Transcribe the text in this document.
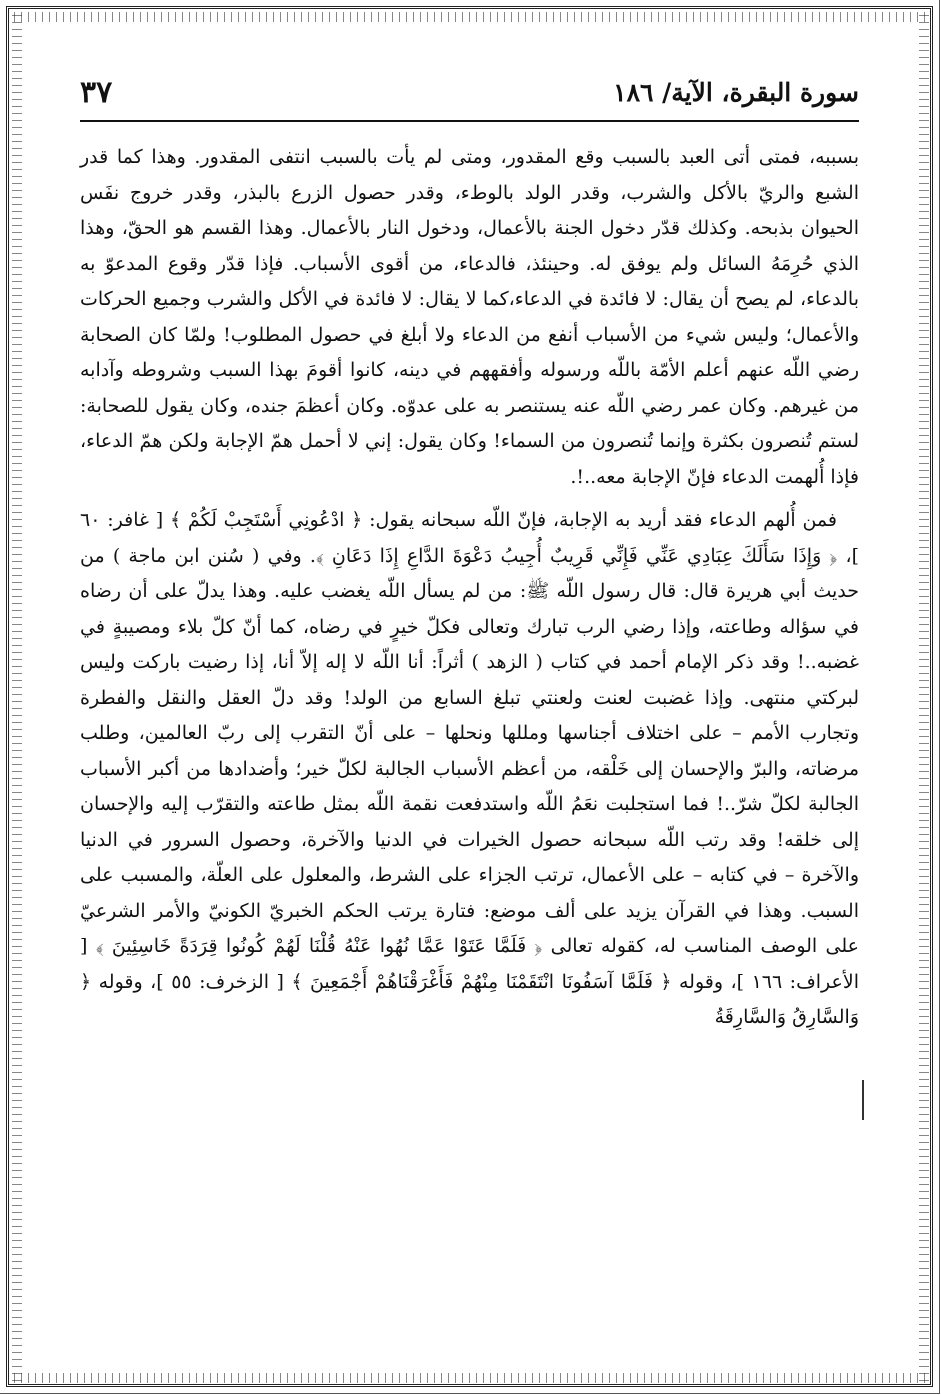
سورة البقرة، الآية/ ١٨٦
٣٧

بسببه، فمتى أتى العبد بالسبب وقع المقدور، ومتى لم يأت بالسبب انتفى المقدور. وهذا كما قدر الشبع والريّ بالأكل والشرب، وقدر الولد بالوطء، وقدر حصول الزرع بالبذر، وقدر خروج نفَس الحيوان بذبحه. وكذلك قدّر دخول الجنة بالأعمال، ودخول النار بالأعمال. وهذا القسم هو الحقّ، وهذا الذي حُرِمَهُ السائل ولم يوفق له. وحينئذ، فالدعاء، من أقوى الأسباب. فإذا قدّر وقوع المدعوّ به بالدعاء، لم يصح أن يقال: لا فائدة في الدعاء،كما لا يقال: لا فائدة في الأكل والشرب وجميع الحركات والأعمال؛ وليس شيء من الأسباب أنفع من الدعاء ولا أبلغ في حصول المطلوب! ولمّا كان الصحابة رضي اللّه عنهم أعلم الأمّة باللّه ورسوله وأفقههم في دينه، كانوا أقومَ بهذا السبب وشروطه وآدابه من غيرهم. وكان عمر رضي اللّه عنه يستنصر به على عدوّه. وكان أعظمَ جنده، وكان يقول للصحابة: لستم تُنصرون بكثرة وإنما تُنصرون من السماء! وكان يقول: إني لا أحمل همّ الإجابة ولكن همّ الدعاء، فإذا أُلهمت الدعاء فإنّ الإجابة معه..!.

فمن أُلهم الدعاء فقد أريد به الإجابة، فإنّ اللّه سبحانه يقول: ﴿ ادْعُونِي أَسْتَجِبْ لَكُمْ ﴾ [ غافر: ٦٠ ]، ﴿ وَإِذَا سَأَلَكَ عِبَادِي عَنِّي فَإِنِّي قَرِيبٌ أُجِيبُ دَعْوَةَ الدَّاعِ إِذَا دَعَانِ ﴾. وفي ( سُنن ابن ماجة ) من حديث أبي هريرة قال: قال رسول اللّه ﷺ: من لم يسأل اللّه يغضب عليه. وهذا يدلّ على أن رضاه في سؤاله وطاعته، وإذا رضي الرب تبارك وتعالى فكلّ خيرٍ في رضاه، كما أنّ كلّ بلاء ومصيبةٍ في غضبه..! وقد ذكر الإمام أحمد في كتاب ( الزهد ) أثراً: أنا اللّه لا إله إلاّ أنا، إذا رضيت باركت وليس لبركتي منتهى. وإذا غضبت لعنت ولعنتي تبلغ السابع من الولد! وقد دلّ العقل والنقل والفطرة وتجارب الأمم – على اختلاف أجناسها ومللها ونحلها – على أنّ التقرب إلى ربّ العالمين، وطلب مرضاته، والبرّ والإحسان إلى خَلْقه، من أعظم الأسباب الجالبة لكلّ خير؛ وأضدادها من أكبر الأسباب الجالبة لكلّ شرّ..! فما استجلبت نعَمُ اللّه واستدفعت نقمة اللّه بمثل طاعته والتقرّب إليه والإحسان إلى خلقه! وقد رتب اللّه سبحانه حصول الخيرات في الدنيا والآخرة، وحصول السرور في الدنيا والآخرة – في كتابه – على الأعمال، ترتب الجزاء على الشرط، والمعلول على العلّة، والمسبب على السبب. وهذا في القرآن يزيد على ألف موضع: فتارة يرتب الحكم الخبريّ الكونيّ والأمر الشرعيّ على الوصف المناسب له، كقوله تعالى ﴿ فَلَمَّا عَتَوْا عَمَّا نُهُوا عَنْهُ قُلْنَا لَهُمْ كُونُوا قِرَدَةً خَاسِئِينَ ﴾ [ الأعراف: ١٦٦ ]، وقوله ﴿ فَلَمَّا آسَفُونَا انْتَقَمْنَا مِنْهُمْ فَأَغْرَقْنَاهُمْ أَجْمَعِينَ ﴾ [ الزخرف: ٥٥ ]، وقوله ﴿ وَالسَّارِقُ وَالسَّارِقَةُ
